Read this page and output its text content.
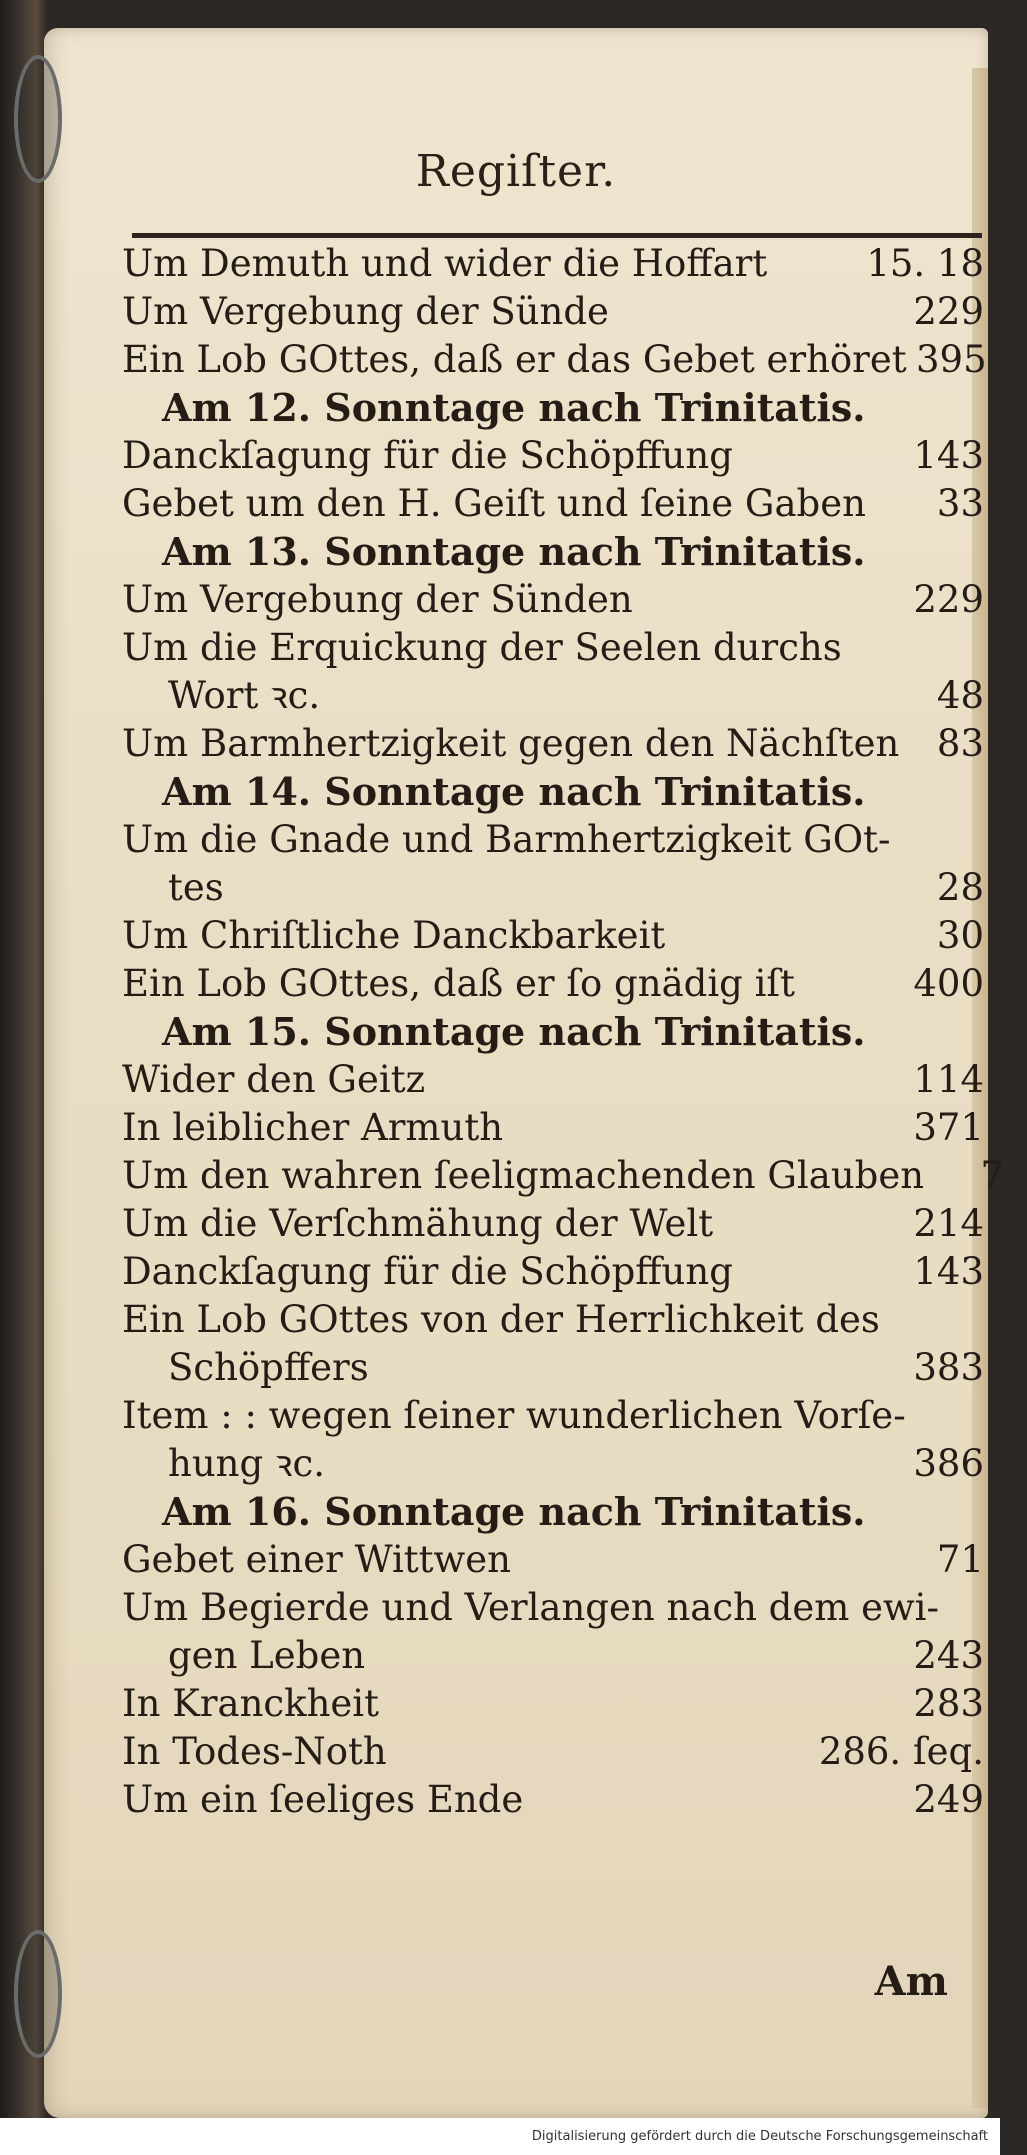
Regiſter.
Um Demuth und wider die Hoffart	15. 18
Um Vergebung der Sünde	229
Ein Lob GOttes, daß er das Gebet erhöret 395
Am 12. Sonntage nach Trinitatis.
Danckſagung für die Schöpffung	143
Gebet um den H. Geiſt und ſeine Gaben	33
Am 13. Sonntage nach Trinitatis.
Um Vergebung der Sünden	229
Um die Erquickung der Seelen durchs
Wort ꝛc.	48
Um Barmhertzigkeit gegen den Nächſten	83
Am 14. Sonntage nach Trinitatis.
Um die Gnade und Barmhertzigkeit GOt-
tes	28
Um Chriſtliche Danckbarkeit	30
Ein Lob GOttes, daß er ſo gnädig iſt	400
Am 15. Sonntage nach Trinitatis.
Wider den Geitz	114
In leiblicher Armuth	371
Um den wahren ſeeligmachenden Glauben	7
Um die Verſchmähung der Welt	214
Danckſagung für die Schöpffung	143
Ein Lob GOttes von der Herrlichkeit des
Schöpffers	383
Item : : wegen ſeiner wunderlichen Vorſe-
hung ꝛc.	386
Am 16. Sonntage nach Trinitatis.
Gebet einer Wittwen	71
Um Begierde und Verlangen nach dem ewi-
gen Leben	243
In Kranckheit	283
In Todes-Noth	286. ſeq.
Um ein ſeeliges Ende	249
Am
Digitalisierung gefördert durch die Deutsche Forschungsgemeinschaft
